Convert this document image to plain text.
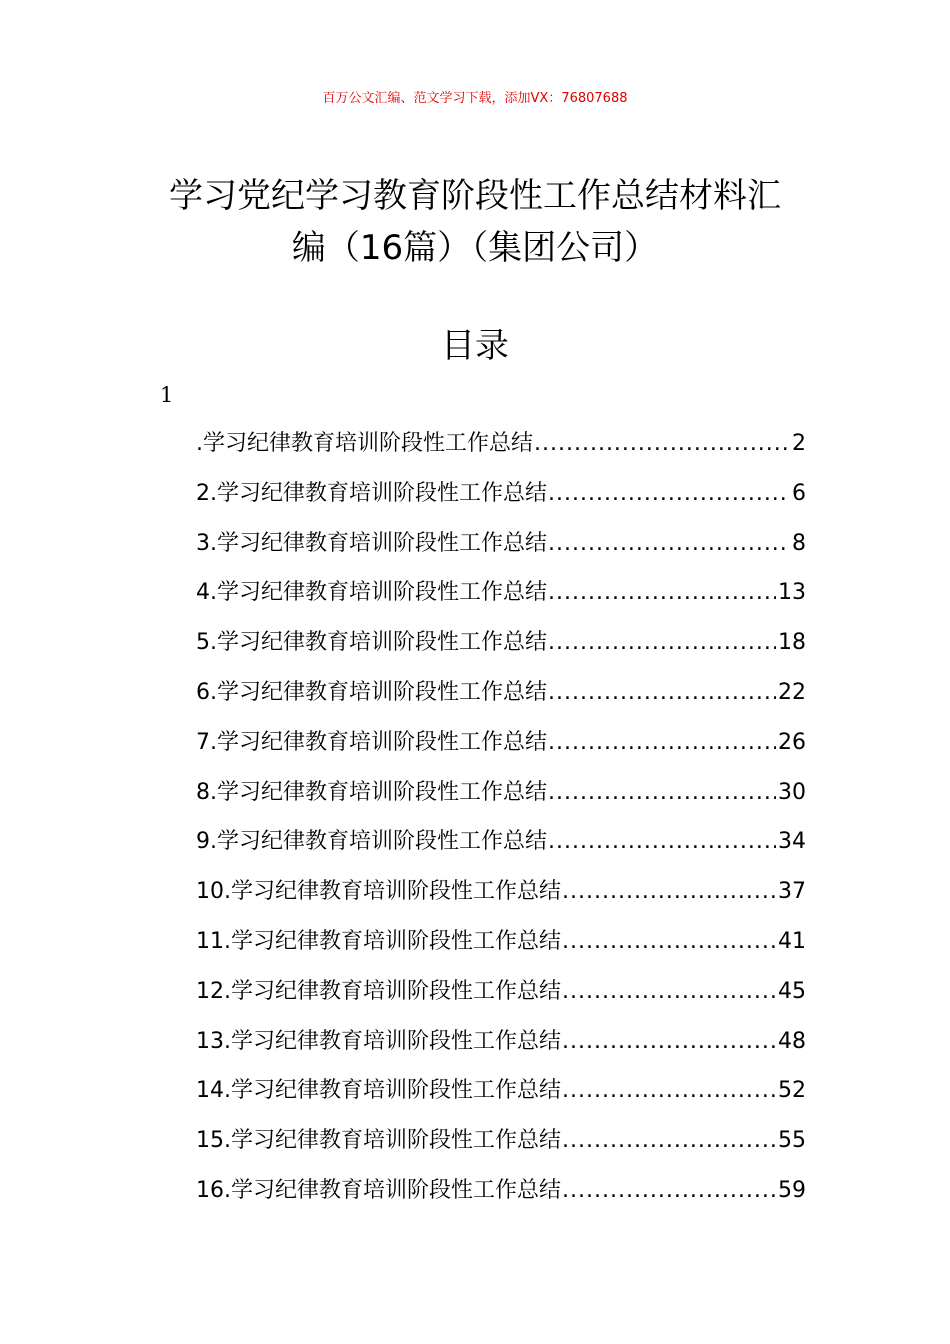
百万公文汇编、范文学习下载，添加VX：76807688
学习党纪学习教育阶段性工作总结材料汇
编（16篇）（集团公司）
目录
1
.学习纪律教育培训阶段性工作总结 .....	2
2 .学习纪律教育培训阶段性工作总结 .....	6
3 .学习纪律教育培训阶段性工作总结 .....	8
4 .学习纪律教育培训阶段性工作总结 .....	13
5 .学习纪律教育培训阶段性工作总结 .....	18
6 .学习纪律教育培训阶段性工作总结 .....	22
7 .学习纪律教育培训阶段性工作总结 .....	26
8 .学习纪律教育培训阶段性工作总结 .....	30
9 .学习纪律教育培训阶段性工作总结 .....	34
10 .学习纪律教育培训阶段性工作总结 .....	37
11 .学习纪律教育培训阶段性工作总结 .....	41
12 .学习纪律教育培训阶段性工作总结 .....	45
13 .学习纪律教育培训阶段性工作总结 .....	48
14 .学习纪律教育培训阶段性工作总结 .....	52
15 .学习纪律教育培训阶段性工作总结 .....	55
16 .学习纪律教育培训阶段性工作总结 .....	59
